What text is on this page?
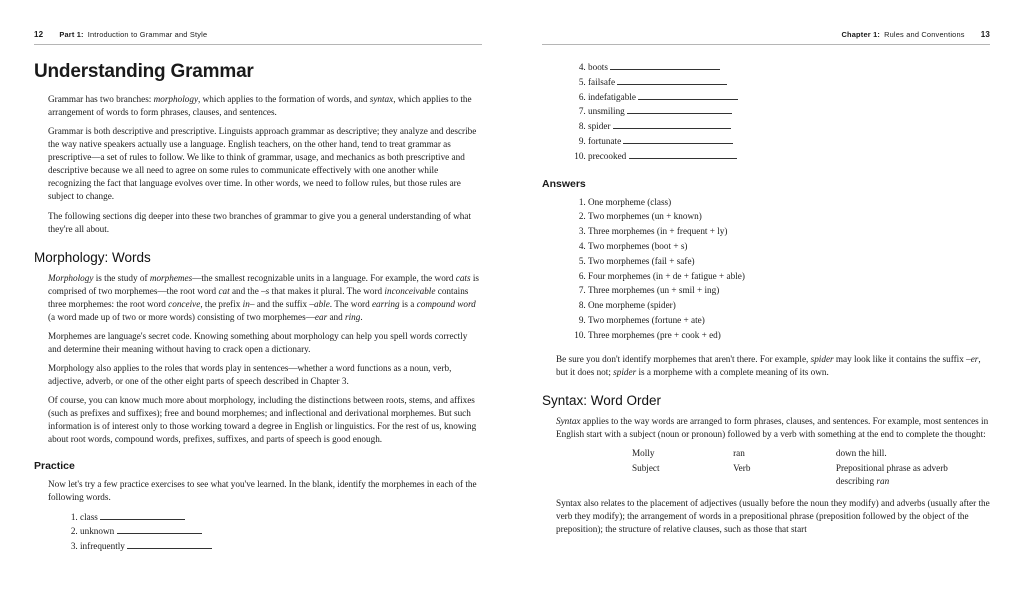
12 Part 1: Introduction to Grammar and Style
Understanding Grammar

Grammar has two branches: morphology, which applies to the formation of words, and syntax, which applies to the arrangement of words to form phrases, clauses, and sentences.

Grammar is both descriptive and prescriptive. Linguists approach grammar as descriptive; they analyze and describe the way native speakers actually use a language. English teachers, on the other hand, tend to treat grammar as prescriptive—a set of rules to follow. We like to think of grammar, usage, and mechanics as both prescriptive and descriptive because we all need to agree on some rules to communicate effectively with one another while recognizing the fact that language evolves over time. In other words, we need to follow rules, but those rules are subject to change.

The following sections dig deeper into these two branches of grammar to give you a general understanding of what they're all about.

Morphology: Words

Morphology is the study of morphemes—the smallest recognizable units in a language. For example, the word cats is comprised of two morphemes—the root word cat and the –s that makes it plural. The word inconceivable contains three morphemes: the root word conceive, the prefix in– and the suffix –able. The word earring is a compound word (a word made up of two or more words) consisting of two morphemes—ear and ring.

Morphemes are language's secret code. Knowing something about morphology can help you spell words correctly and determine their meaning without having to crack open a dictionary.

Morphology also applies to the roles that words play in sentences—whether a word functions as a noun, verb, adjective, adverb, or one of the other eight parts of speech described in Chapter 3.

Of course, you can know much more about morphology, including the distinctions between roots, stems, and affixes (such as prefixes and suffixes); free and bound morphemes; and inflectional and derivational morphemes. But such information is of interest only to those working toward a degree in English or linguistics. For the rest of us, knowing about root words, compound words, prefixes, suffixes, and parts of speech is good enough.

Practice

Now let's try a few practice exercises to see what you've learned. In the blank, identify the morphemes in each of the following words.

1. class
2. unknown
3. infrequently
Chapter 1: Rules and Conventions 13
4. boots
5. failsafe
6. indefatigable
7. unsmiling
8. spider
9. fortunate
10. precooked
Answers
1. One morpheme (class)
2. Two morphemes (un + known)
3. Three morphemes (in + frequent + ly)
4. Two morphemes (boot + s)
5. Two morphemes (fail + safe)
6. Four morphemes (in + de + fatigue + able)
7. Three morphemes (un + smil + ing)
8. One morpheme (spider)
9. Two morphemes (fortune + ate)
10. Three morphemes (pre + cook + ed)

Be sure you don't identify morphemes that aren't there. For example, spider may look like it contains the suffix –er, but it does not; spider is a morpheme with a complete meaning of its own.

Syntax: Word Order

Syntax applies to the way words are arranged to form phrases, clauses, and sentences. For example, most sentences in English start with a subject (noun or pronoun) followed by a verb with something at the end to complete the thought:

Molly	ran	down the hill.
Subject	Verb	Prepositional phrase as adverb
describing ran

Syntax also relates to the placement of adjectives (usually before the noun they modify) and adverbs (usually after the verb they modify); the arrangement of words in a prepositional phrase (preposition followed by the object of the preposition); the structure of relative clauses, such as those that start
